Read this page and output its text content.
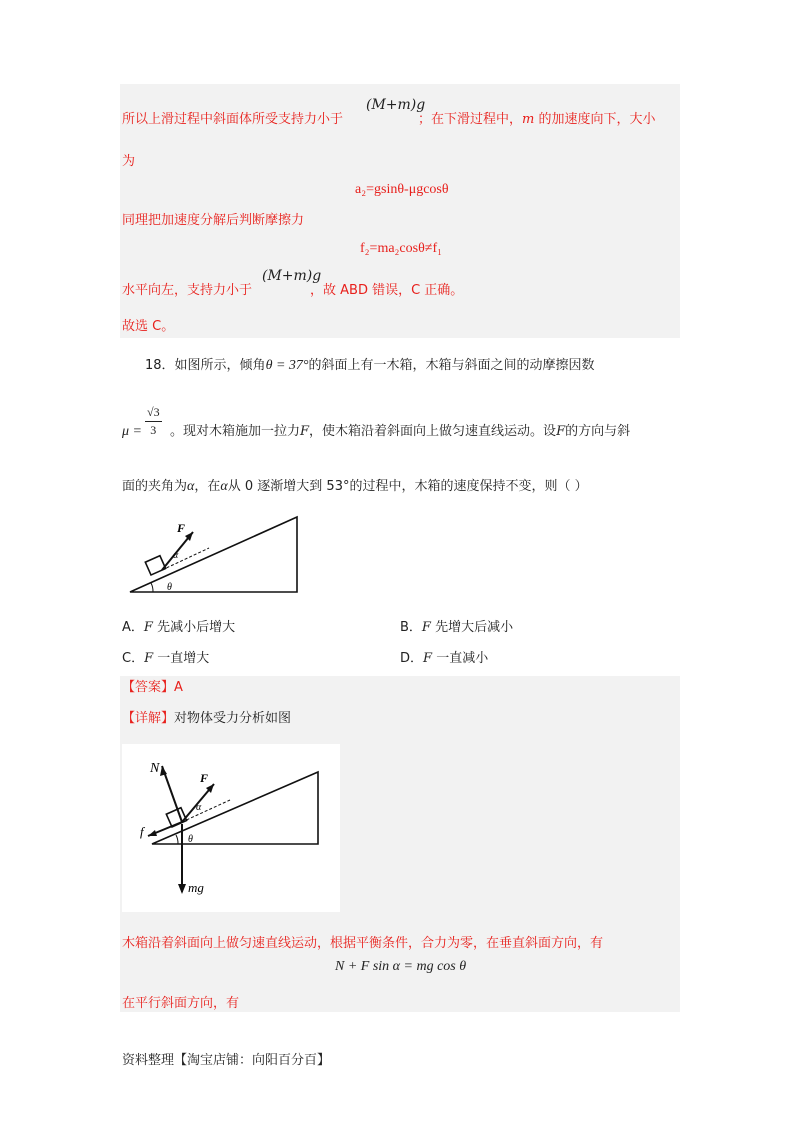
所以上滑过程中斜面体所受支持力小于
(M+m)g
；在下滑过程中，m 的加速度向下，大小
为
a₂=gsinθ-μgcosθ
同理把加速度分解后判断摩擦力
f₂=ma₂cosθ≠f₁
(M+m)g
水平向左，支持力小于	，故 ABD 错误，C 正确。
故选 C。
18．如图所示，倾角θ = 37°的斜面上有一木箱，木箱与斜面之间的动摩擦因数
μ =
√3
3	。现对木箱施加一拉力F，使木箱沿着斜面向上做匀速直线运动。设F的方向与斜
面的夹角为α，在α从 0 逐渐增大到 53°的过程中，木箱的速度保持不变，则（ ）
F
α
θ
A．F 先减小后增大	B．F 先增大后减小
C．F 一直增大	D．F 一直减小
【答案】A
【详解】对物体受力分析如图
N
F
α
f
θ
mg
木箱沿着斜面向上做匀速直线运动，根据平衡条件，合力为零，在垂直斜面方向，有
N + F sin α = mg cos θ
在平行斜面方向，有
资料整理【淘宝店铺：向阳百分百】
